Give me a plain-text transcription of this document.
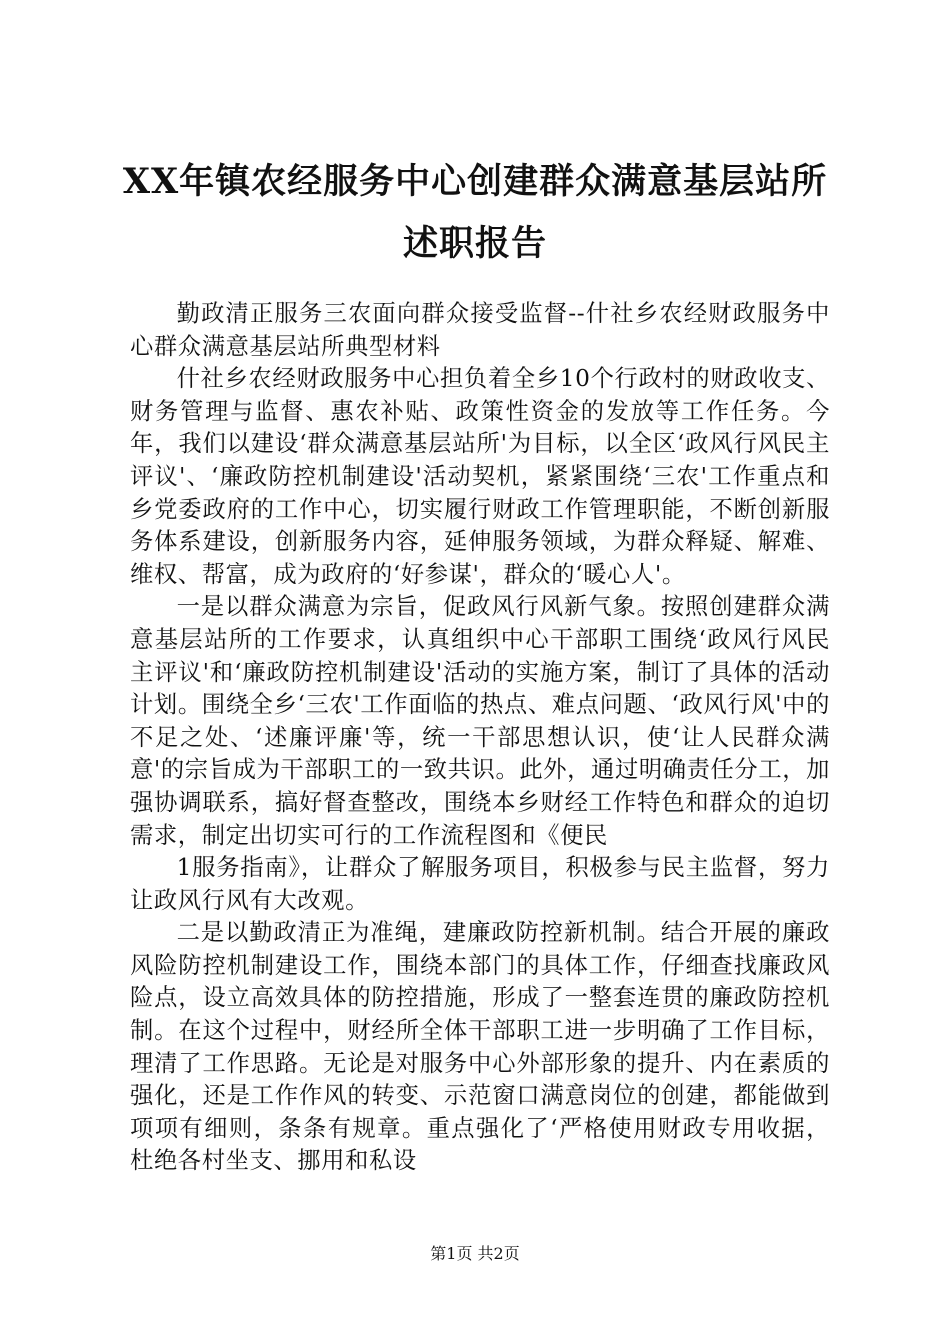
XX年镇农经服务中心创建群众满意基层站所
述职报告

勤政清正服务三农面向群众接受监督--什社乡农经财政服务中心群众满意基层站所典型材料

什社乡农经财政服务中心担负着全乡10个行政村的财政收支、财务管理与监督、惠农补贴、政策性资金的发放等工作任务。今年，我们以建设‘群众满意基层站所'为目标，以全区‘政风行风民主评议'、‘廉政防控机制建设'活动契机，紧紧围绕‘三农'工作重点和乡党委政府的工作中心，切实履行财政工作管理职能，不断创新服务体系建设，创新服务内容，延伸服务领域，为群众释疑、解难、维权、帮富，成为政府的‘好参谋'，群众的‘暖心人'。

一是以群众满意为宗旨，促政风行风新气象。按照创建群众满意基层站所的工作要求，认真组织中心干部职工围绕‘政风行风民主评议'和‘廉政防控机制建设'活动的实施方案，制订了具体的活动计划。围绕全乡‘三农'工作面临的热点、难点问题、‘政风行风'中的不足之处、‘述廉评廉'等，统一干部思想认识，使‘让人民群众满意'的宗旨成为干部职工的一致共识。此外，通过明确责任分工，加强协调联系，搞好督查整改，围绕本乡财经工作特色和群众的迫切需求，制定出切实可行的工作流程图和《便民

1服务指南》，让群众了解服务项目，积极参与民主监督，努力让政风行风有大改观。

二是以勤政清正为准绳，建廉政防控新机制。结合开展的廉政风险防控机制建设工作，围绕本部门的具体工作，仔细查找廉政风险点，设立高效具体的防控措施，形成了一整套连贯的廉政防控机制。在这个过程中，财经所全体干部职工进一步明确了工作目标，理清了工作思路。无论是对服务中心外部形象的提升、内在素质的强化，还是工作作风的转变、示范窗口满意岗位的创建，都能做到项项有细则，条条有规章。重点强化了‘严格使用财政专用收据，杜绝各村坐支、挪用和私设

第1页 共2页
